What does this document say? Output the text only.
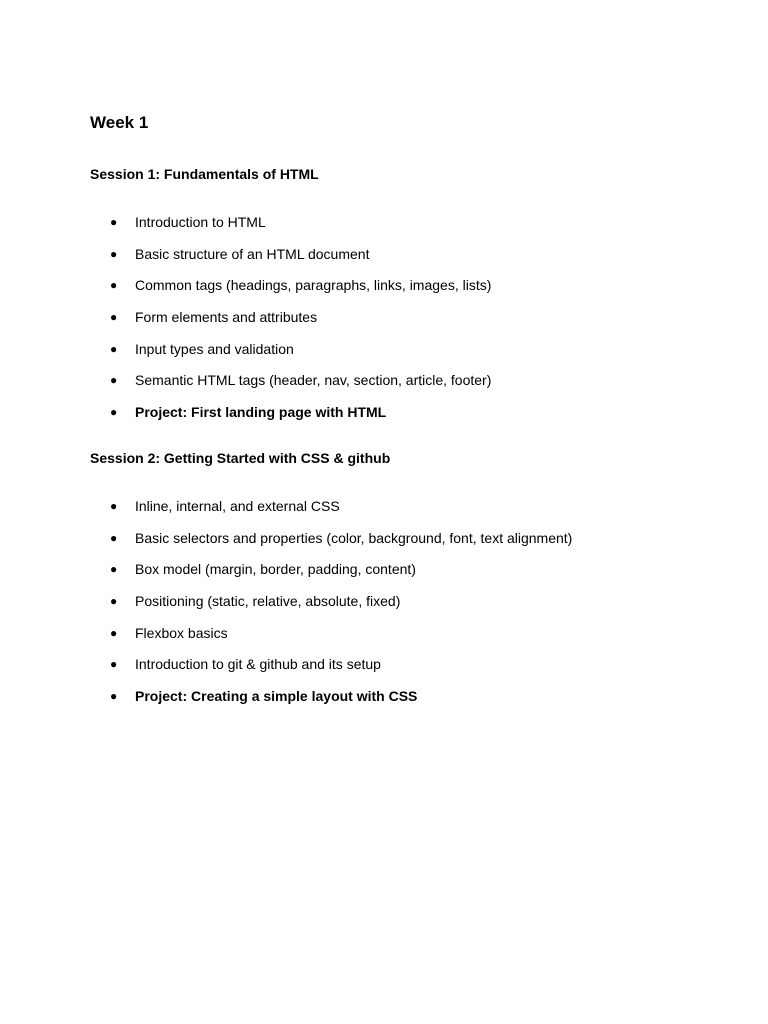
Week 1
Session 1: Fundamentals of HTML
● Introduction to HTML
● Basic structure of an HTML document
● Common tags (headings, paragraphs, links, images, lists)
● Form elements and attributes
● Input types and validation
● Semantic HTML tags (header, nav, section, article, footer)
● Project: First landing page with HTML
Session 2: Getting Started with CSS & github
● Inline, internal, and external CSS
● Basic selectors and properties (color, background, font, text alignment)
● Box model (margin, border, padding, content)
● Positioning (static, relative, absolute, fixed)
● Flexbox basics
● Introduction to git & github and its setup
● Project: Creating a simple layout with CSS
